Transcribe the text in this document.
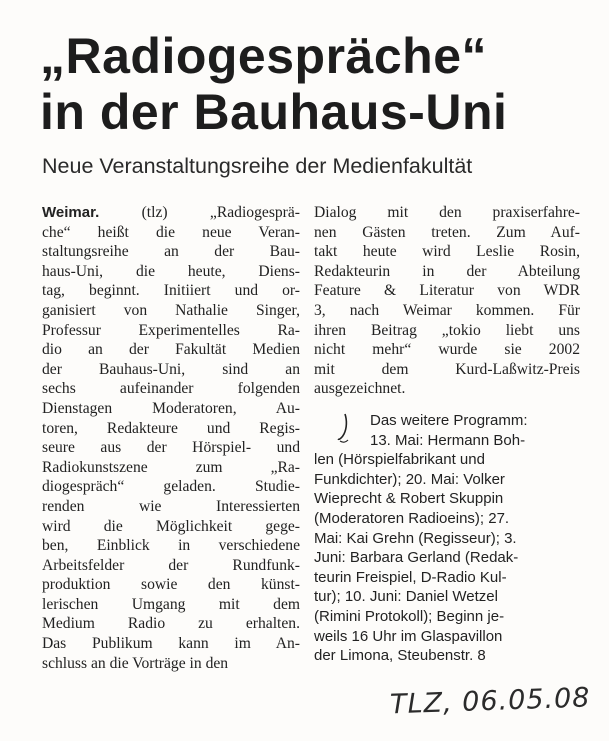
„Radiogespräche“
in der Bauhaus-Uni
Neue Veranstaltungsreihe der Medienfakultät
Weimar. (tlz) „Radiogesprä-
che“ heißt die neue Veran-
staltungsreihe an der Bau-
haus-Uni, die heute, Diens-
tag, beginnt. Initiiert und or-
ganisiert von Nathalie Singer,
Professur Experimentelles Ra-
dio an der Fakultät Medien
der Bauhaus-Uni, sind an
sechs aufeinander folgenden
Dienstagen Moderatoren, Au-
toren, Redakteure und Regis-
seure aus der Hörspiel- und
Radiokunstszene zum „Ra-
diogespräch“ geladen. Studie-
renden wie Interessierten
wird die Möglichkeit gege-
ben, Einblick in verschiedene
Arbeitsfelder der Rundfunk-
produktion sowie den künst-
lerischen Umgang mit dem
Medium Radio zu erhalten.
Das Publikum kann im An-
schluss an die Vorträge in den
Dialog mit den praxiserfahre-
nen Gästen treten. Zum Auf-
takt heute wird Leslie Rosin,
Redakteurin in der Abteilung
Feature & Literatur von WDR
3, nach Weimar kommen. Für
ihren Beitrag „tokio liebt uns
nicht mehr“ wurde sie 2002
mit dem Kurd-Laßwitz-Preis
ausgezeichnet.
Das weitere Programm:
13. Mai: Hermann Boh-
len (Hörspielfabrikant und
Funkdichter); 20. Mai: Volker
Wieprecht & Robert Skuppin
(Moderatoren Radioeins); 27.
Mai: Kai Grehn (Regisseur); 3.
Juni: Barbara Gerland (Redak-
teurin Freispiel, D-Radio Kul-
tur); 10. Juni: Daniel Wetzel
(Rimini Protokoll); Beginn je-
weils 16 Uhr im Glaspavillon
der Limona, Steubenstr. 8
TLZ, 06.05.08
